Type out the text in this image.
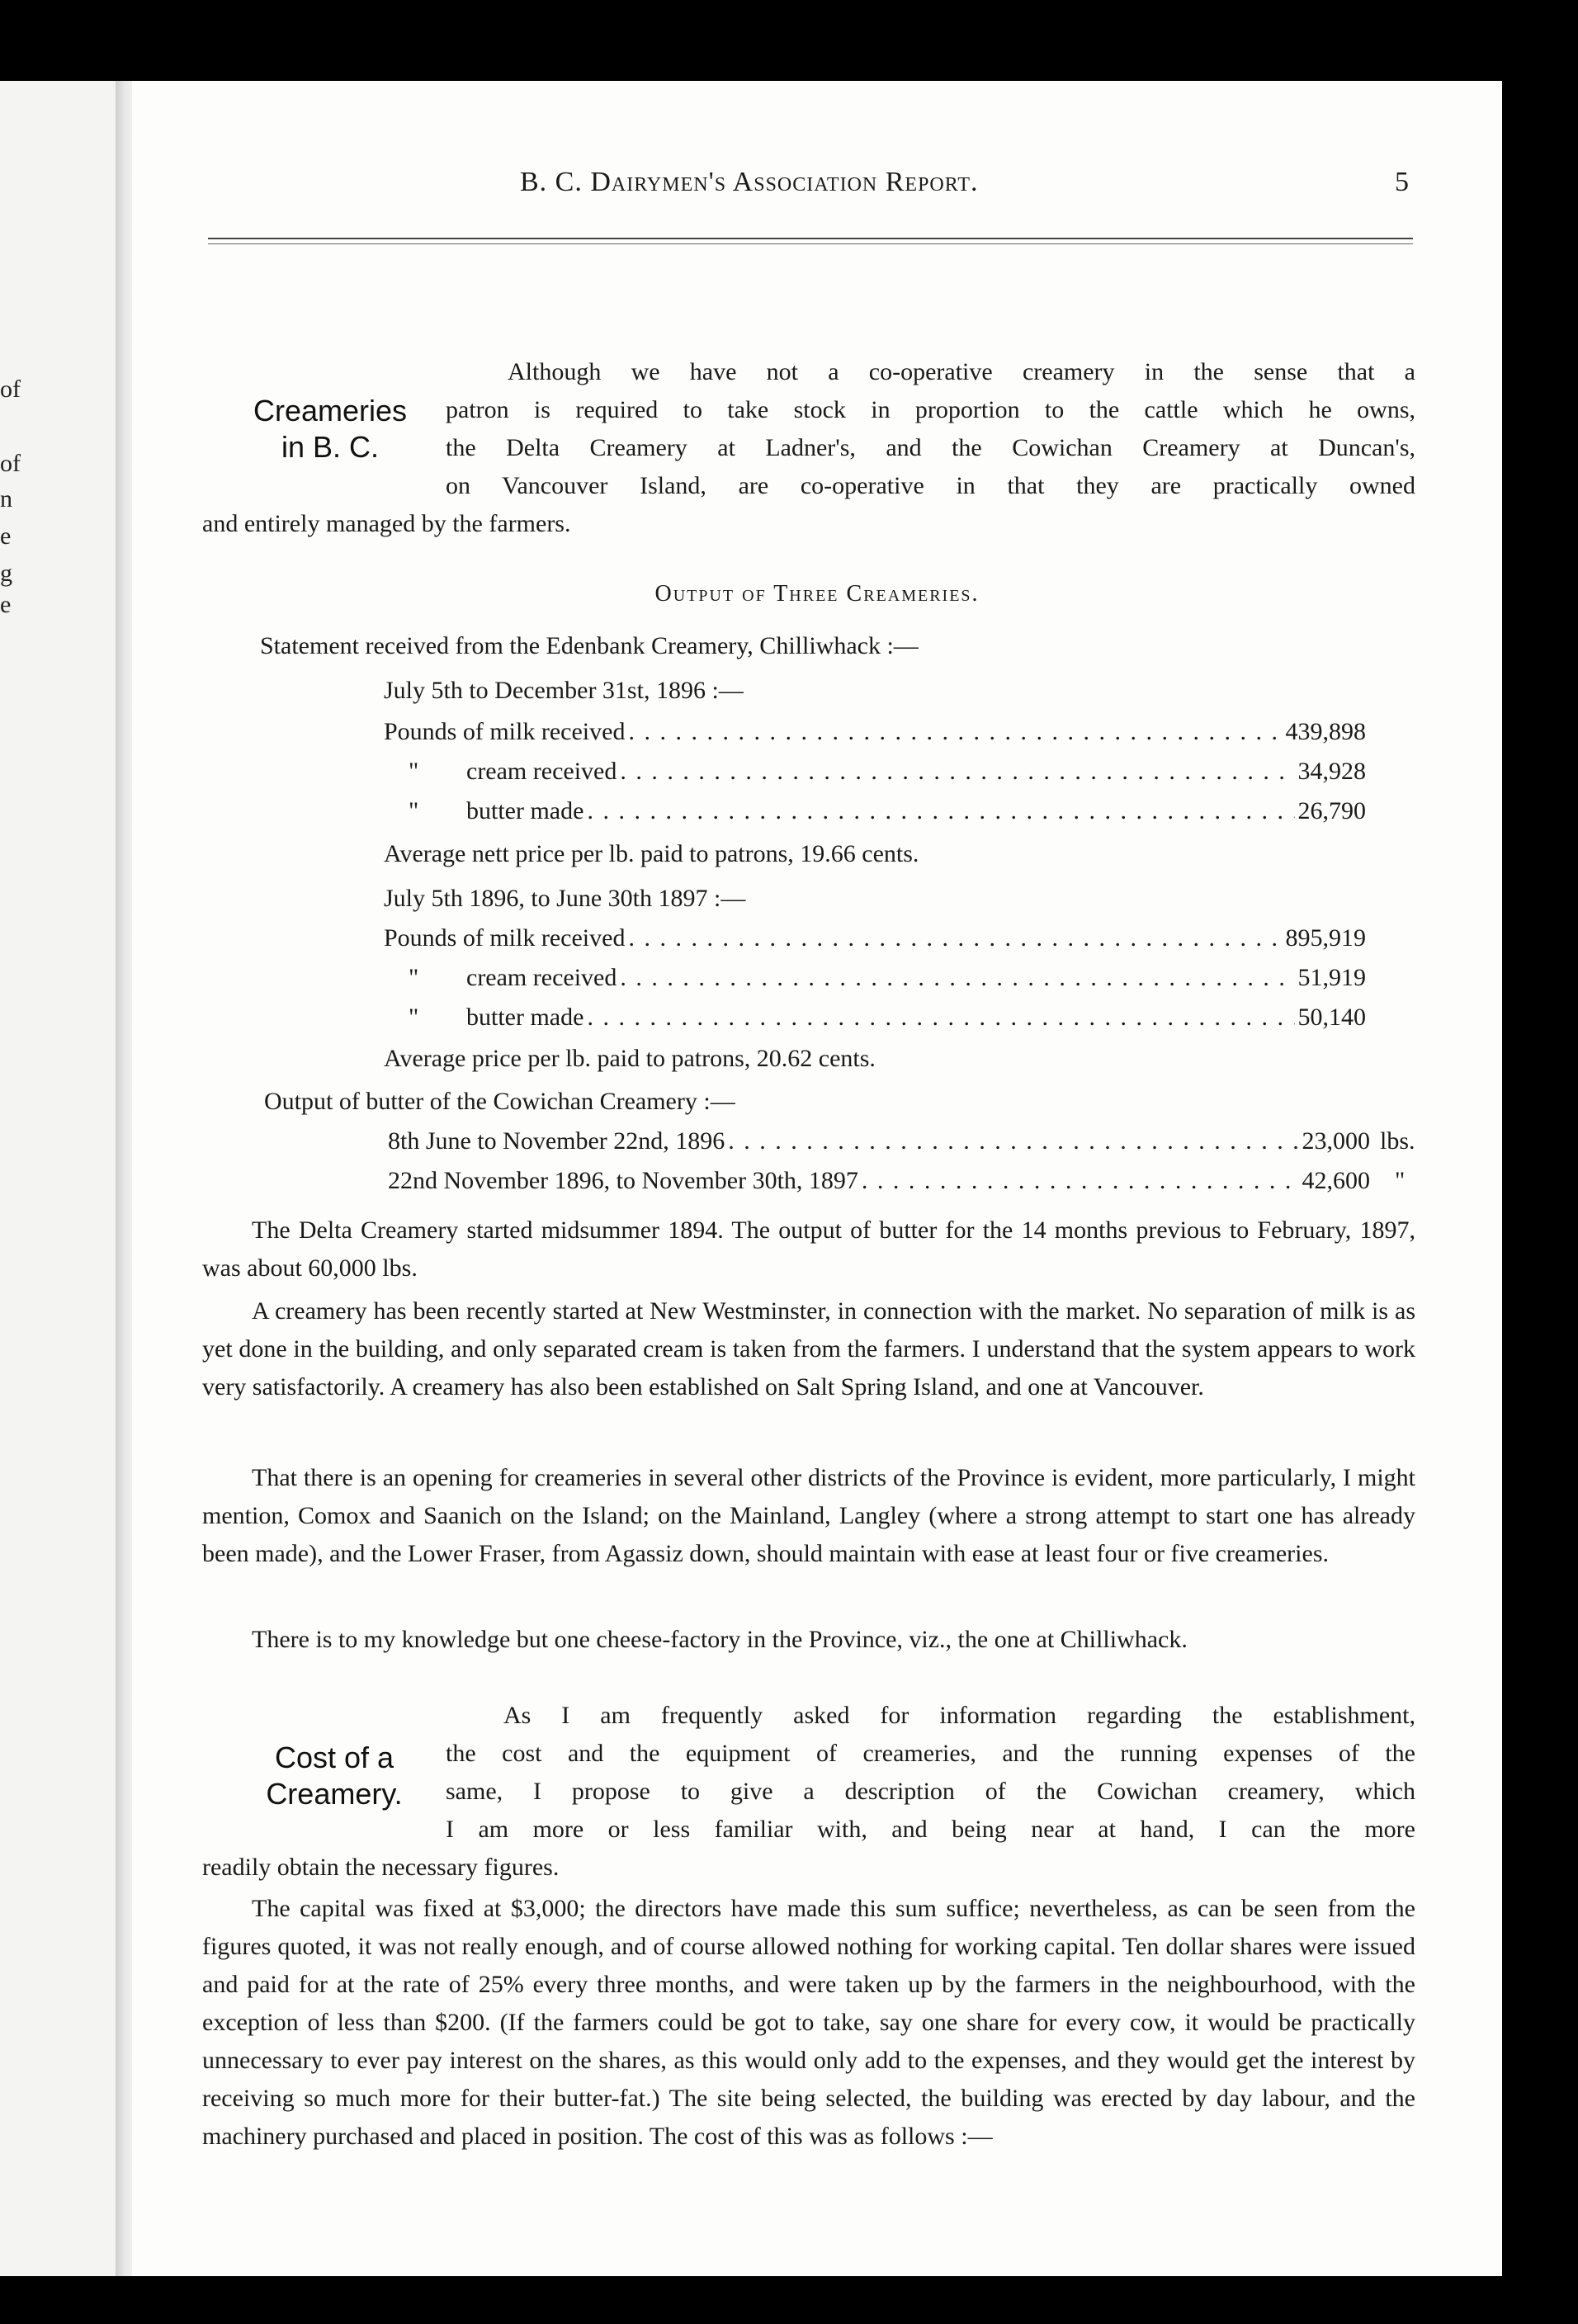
of
of
n
e
g
e
B. C. Dairymen's Association Report.	5
Creameries
in B. C.

Although we have not a co-operative creamery in the sense that a

patron is required to take stock in proportion to the cattle which he owns,

the Delta Creamery at Ladner's, and the Cowichan Creamery at Duncan's,

on Vancouver Island, are co-operative in that they are practically owned

and entirely managed by the farmers.

Output of Three Creameries.
Statement received from the Edenbank Creamery, Chilliwhack :—
July 5th to December 31st, 1896 :—
Pounds of milk received . . .	439,898
" cream received . . .	34,928
" butter made . . .	26,790
Average nett price per lb. paid to patrons, 19.66 cents.
July 5th 1896, to June 30th 1897 :—
Pounds of milk received . . .	895,919
" cream received . . .	51,919
" butter made . . .	50,140
Average price per lb. paid to patrons, 20.62 cents.
Output of butter of the Cowichan Creamery :—
8th June to November 22nd, 1896 . . .	23,000 lbs.
22nd November 1896, to November 30th, 1897 . . .	42,600 "

The Delta Creamery started midsummer 1894. The output of butter for the 14 months previous to February, 1897, was about 60,000 lbs.

A creamery has been recently started at New Westminster, in connection with the market. No separation of milk is as yet done in the building, and only separated cream is taken from the farmers. I understand that the system appears to work very satisfactorily. A creamery has also been established on Salt Spring Island, and one at Vancouver.

That there is an opening for creameries in several other districts of the Province is evident, more particularly, I might mention, Comox and Saanich on the Island; on the Mainland, Langley (where a strong attempt to start one has already been made), and the Lower Fraser, from Agassiz down, should maintain with ease at least four or five creameries.

There is to my knowledge but one cheese-factory in the Province, viz., the one at Chilliwhack.

Cost of a
Creamery.

As I am frequently asked for information regarding the establishment,

the cost and the equipment of creameries, and the running expenses of the

same, I propose to give a description of the Cowichan creamery, which

I am more or less familiar with, and being near at hand, I can the more

readily obtain the necessary figures.

The capital was fixed at $3,000; the directors have made this sum suffice; nevertheless, as can be seen from the figures quoted, it was not really enough, and of course allowed nothing for working capital. Ten dollar shares were issued and paid for at the rate of 25% every three months, and were taken up by the farmers in the neighbourhood, with the exception of less than $200. (If the farmers could be got to take, say one share for every cow, it would be practically unnecessary to ever pay interest on the shares, as this would only add to the expenses, and they would get the interest by receiving so much more for their butter-fat.) The site being selected, the building was erected by day labour, and the machinery purchased and placed in position. The cost of this was as follows :—
